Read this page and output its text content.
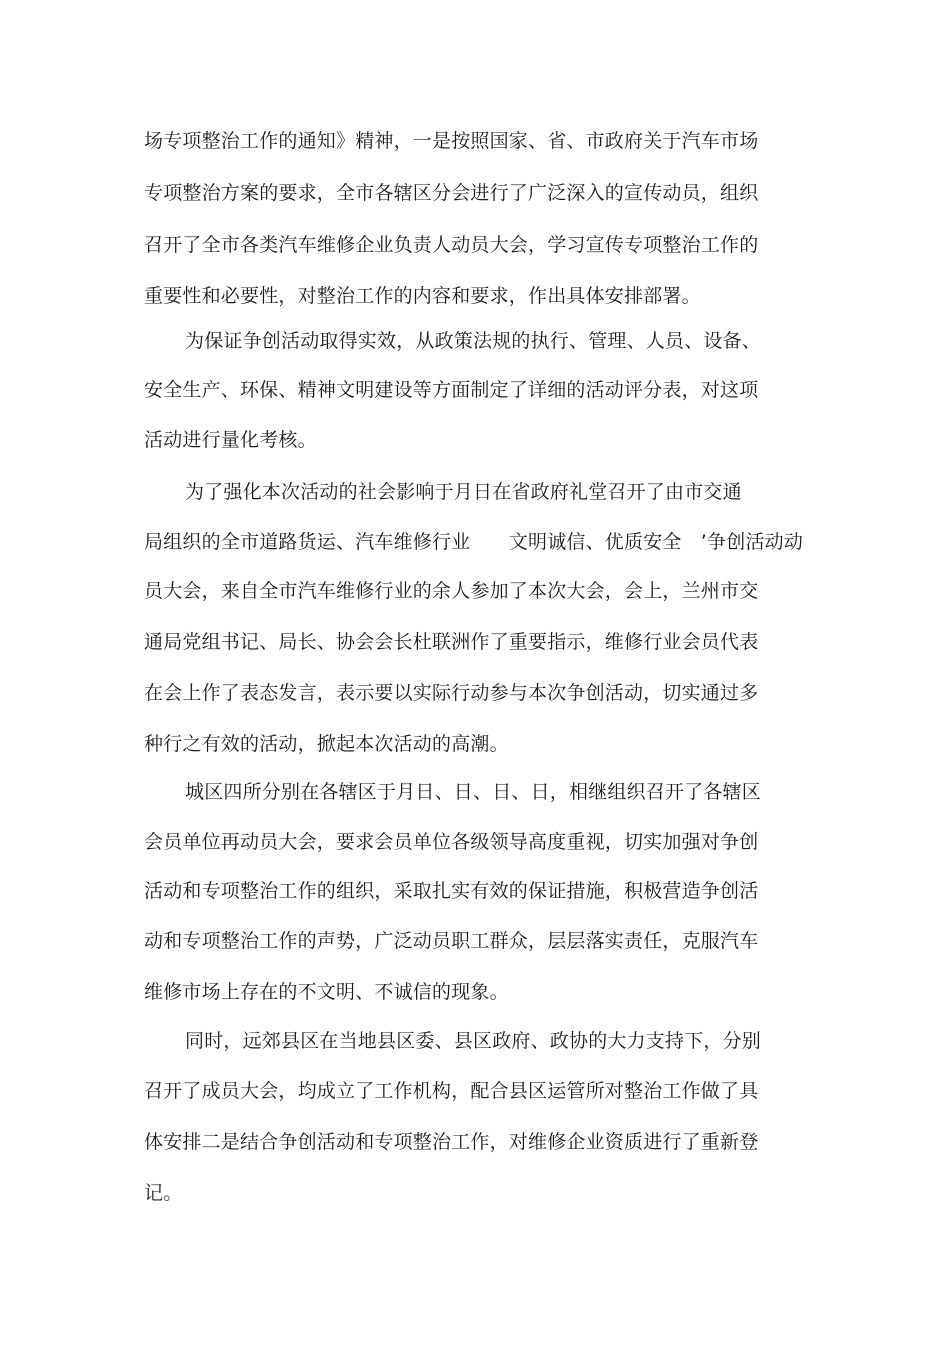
场专项整治工作的通知》精神，一是按照国家、省、市政府关于汽车市场
专项整治方案的要求，全市各辖区分会进行了广泛深入的宣传动员，组织
召开了全市各类汽车维修企业负责人动员大会，学习宣传专项整治工作的
重要性和必要性，对整治工作的内容和要求，作出具体安排部署。
为保证争创活动取得实效，从政策法规的执行、管理、人员、设备、
安全生产、环保、精神文明建设等方面制定了详细的活动评分表，对这项
活动进行量化考核。
为了强化本次活动的社会影响于月日在省政府礼堂召开了由市交通
局组织的全市道路货运、汽车维修行业　　文明诚信、优质安全　’争创活动动
员大会，来自全市汽车维修行业的余人参加了本次大会，会上，兰州市交
通局党组书记、局长、协会会长杜联洲作了重要指示，维修行业会员代表
在会上作了表态发言，表示要以实际行动参与本次争创活动，切实通过多
种行之有效的活动，掀起本次活动的高潮。
城区四所分别在各辖区于月日、日、日、日，相继组织召开了各辖区
会员单位再动员大会，要求会员单位各级领导高度重视，切实加强对争创
活动和专项整治工作的组织，采取扎实有效的保证措施，积极营造争创活
动和专项整治工作的声势，广泛动员职工群众，层层落实责任，克服汽车
维修市场上存在的不文明、不诚信的现象。
同时，远郊县区在当地县区委、县区政府、政协的大力支持下，分别
召开了成员大会，均成立了工作机构，配合县区运管所对整治工作做了具
体安排二是结合争创活动和专项整治工作，对维修企业资质进行了重新登
记。
